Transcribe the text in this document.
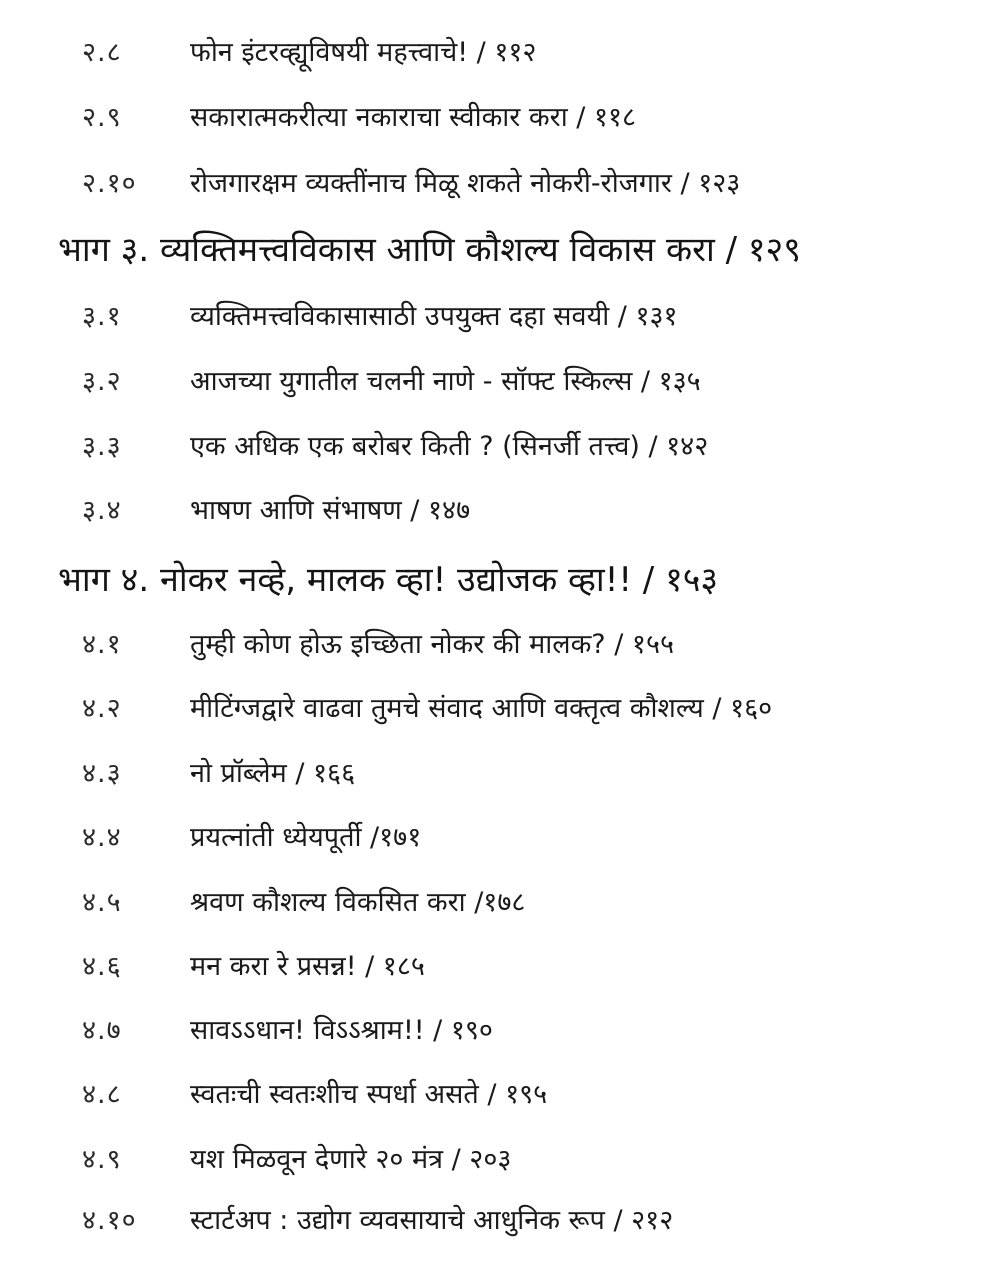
२.८	फोन इंटरव्ह्यूविषयी महत्त्वाचे! / ११२
२.९	सकारात्मकरीत्या नकाराचा स्वीकार करा / ११८
२.१० रोजगारक्षम व्यक्तींनाच मिळू शकते नोकरी-रोजगार / १२३
भाग ३. व्यक्तिमत्त्वविकास आणि कौशल्य विकास करा / १२९
३.१	व्यक्तिमत्त्वविकासासाठी उपयुक्त दहा सवयी / १३१
३.२	आजच्या युगातील चलनी नाणे - सॉफ्ट स्किल्स / १३५
३.३	एक अधिक एक बरोबर किती ? (सिनर्जी तत्त्व) / १४२
३.४	भाषण आणि संभाषण / १४७
भाग ४. नोकर नव्हे, मालक व्हा! उद्योजक व्हा!! / १५३
४.१	तुम्ही कोण होऊ इच्छिता नोकर की मालक? / १५५
४.२	मीटिंग्जद्वारे वाढवा तुमचे संवाद आणि वक्तृत्व कौशल्य / १६०
४.३	नो प्रॉब्लेम / १६६
४.४	प्रयत्नांती ध्येयपूर्ती /१७१
४.५	श्रवण कौशल्य विकसित करा /१७८
४.६	मन करा रे प्रसन्न! / १८५
४.७	सावऽऽधान! विऽऽश्राम!! / १९०
४.८	स्वतःची स्वतःशीच स्पर्धा असते / १९५
४.९	यश मिळवून देणारे २० मंत्र / २०३
४.१० स्टार्टअप : उद्योग व्यवसायाचे आधुनिक रूप / २१२
